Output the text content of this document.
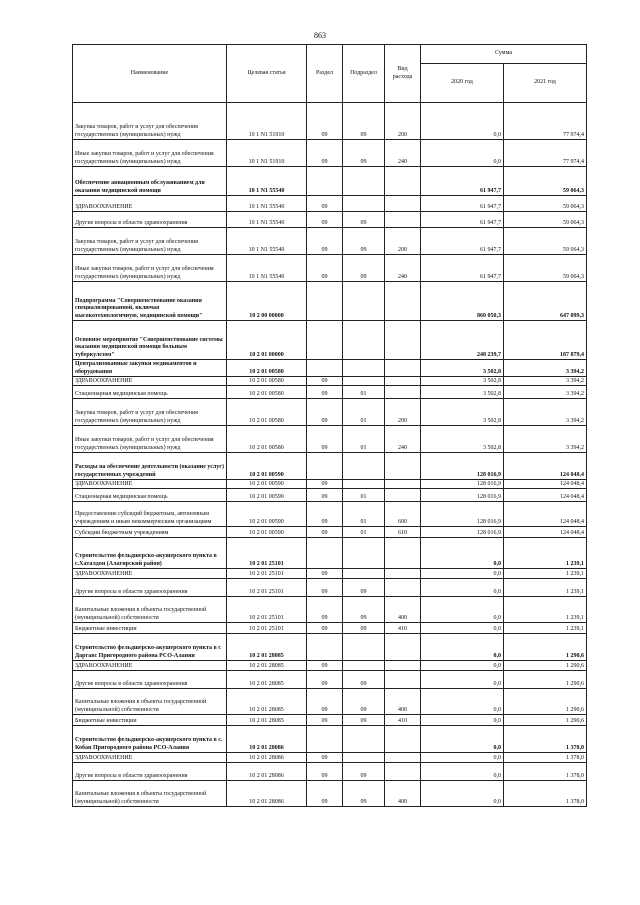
863
Наименование	Целевая статья	Раздел	Подраздел	Вид расхода	Сумма	
					2020 год	2021 год
Закупка товаров, работ и услуг для обеспечения государственных (муниципальных) нужд	10 1 N1 51910	09	09	200	0,0	77 974,4
Иные закупки товаров, работ и услуг для обеспечения государственных (муниципальных) нужд	10 1 N1 51910	09	09	240	0,0	77 974,4
Обеспечение авиационным обслуживанием для оказания медицинской помощи	10 1 N1 55540				61 947,7	59 064,3
ЗДРАВООХРАНЕНИЕ	10 1 N1 55540	09			61 947,7	59 064,3
Другие вопросы в области здравоохранения	10 1 N1 55540	09	09		61 947,7	59 064,3
Закупка товаров, работ и услуг для обеспечения государственных (муниципальных) нужд	10 1 N1 55540	09	09	200	61 947,7	59 064,3
Иные закупки товаров, работ и услуг для обеспечения государственных (муниципальных) нужд	10 1 N1 55540	09	09	240	61 947,7	59 064,3
Подпрограмма "Совершенствование оказания специализированной, включая высокотехнологичную, медицинской помощи"	10 2 00 00000				860 050,3	647 099,3
Основное мероприятие "Совершенствование системы оказания медицинской помощи больным туберкулезом"	10 2 01 00000				248 239,7	187 879,4
Централизованные закупки медикаментов и оборудования	10 2 01 00580				3 502,8	3 394,2
ЗДРАВООХРАНЕНИЕ	10 2 01 00580	09			3 502,8	3 394,2
Стационарная медицинская помощь	10 2 01 00580	09	01		3 502,8	3 394,2
Закупка товаров, работ и услуг для обеспечения государственных (муниципальных) нужд	10 2 01 00580	09	01	200	3 502,8	3 394,2
Иные закупки товаров, работ и услуг для обеспечения государственных (муниципальных) нужд	10 2 01 00580	09	01	240	3 502,8	3 394,2
Расходы на обеспечение деятельности (оказание услуг) государственных учреждений	10 2 01 00590				128 016,9	124 048,4
ЗДРАВООХРАНЕНИЕ	10 2 01 00590	09			128 016,9	124 048,4
Стационарная медицинская помощь	10 2 01 00590	09	01		128 016,9	124 048,4
Предоставление субсидий бюджетным, автономным учреждениям и иным некоммерческим организациям	10 2 01 00590	09	01	600	128 016,9	124 048,4
Субсидии бюджетным учреждениям	10 2 01 00590	09	01	610	128 016,9	124 048,4
Строительство фельдшерско-акушерского пункта в с.Хаталдон (Алагирский район)	10 2 01 25101				0,0	1 239,1
ЗДРАВООХРАНЕНИЕ	10 2 01 25101	09			0,0	1 239,1
Другие вопросы в области здравоохранения	10 2 01 25101	09	09		0,0	1 239,1
Капитальные вложения в объекты государственной (муниципальной) собственности	10 2 01 25101	09	09	400	0,0	1 239,1
Бюджетные инвестиции	10 2 01 25101	09	09	410	0,0	1 239,1
Строительство фельдшерско-акушерского пункта в с Даргавс Пригородного района РСО-Алания	10 2 01 28085				0,0	1 290,6
ЗДРАВООХРАНЕНИЕ	10 2 01 28085	09			0,0	1 290,6
Другие вопросы в области здравоохранения	10 2 01 28085	09	09		0,0	1 290,6
Капитальные вложения в объекты государственной (муниципальной) собственности	10 2 01 28085	09	09	400	0,0	1 290,6
Бюджетные инвестиции	10 2 01 28085	09	09	410	0,0	1 290,6
Строительство фельдшерско-акушерского пункта в с. Кобан Пригородного района РСО-Алания	10 2 01 28086				0,0	1 378,0
ЗДРАВООХРАНЕНИЕ	10 2 01 28086	09			0,0	1 378,0
Другие вопросы в области здравоохранения	10 2 01 28086	09	09		0,0	1 378,0
Капитальные вложения в объекты государственной (муниципальной) собственности	10 2 01 28086	09	09	400	0,0	1 378,0
